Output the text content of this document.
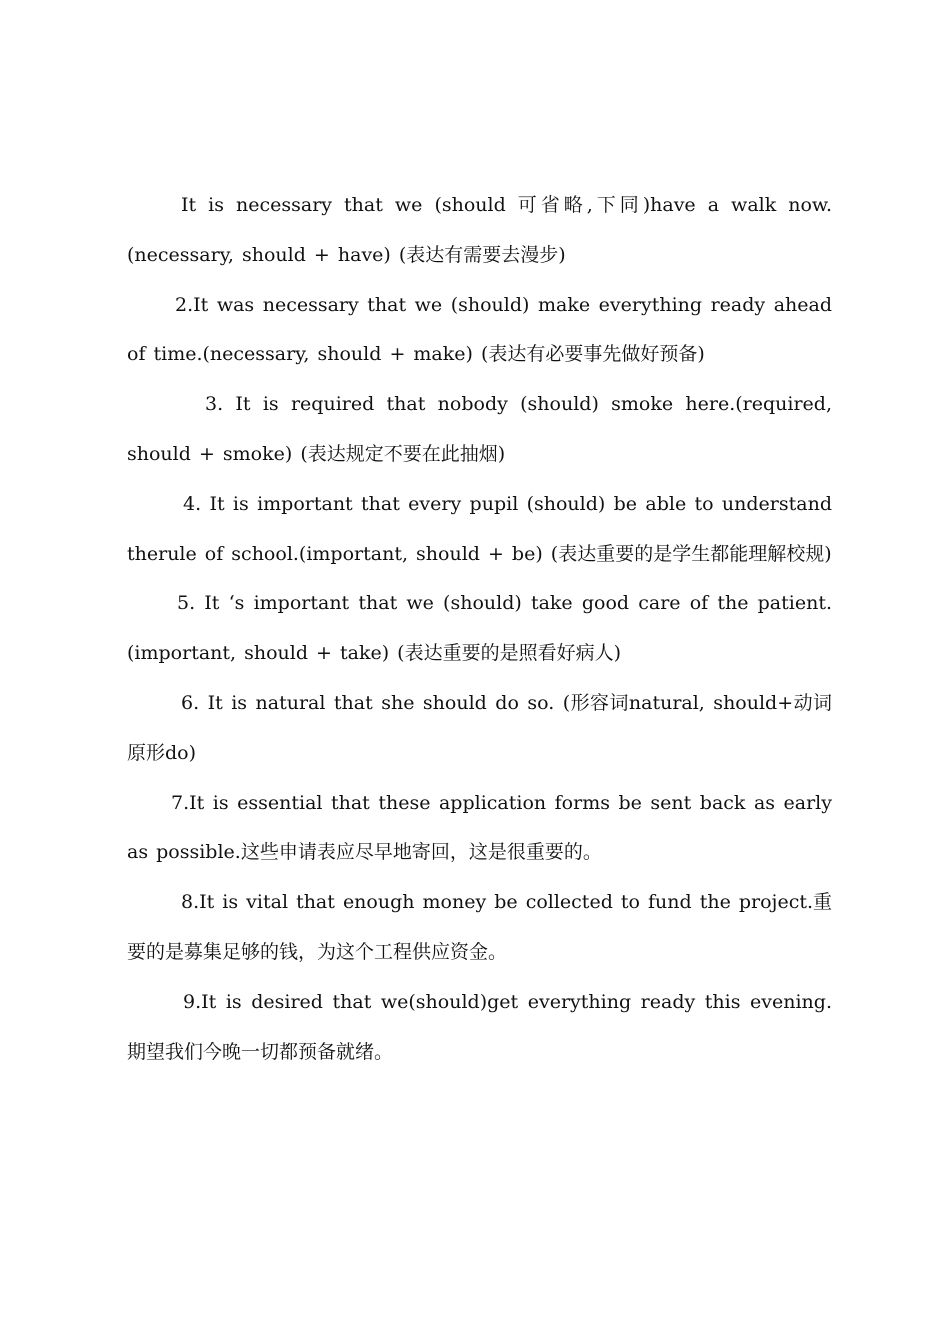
It is necessary that we (should 可省略,下同)have a walk now.(necessary, should + have) (表达有需要去漫步)

2.It was necessary that we (should) make everything ready ahead of time.(necessary, should + make) (表达有必要事先做好预备)

3. It is required that nobody (should) smoke here.(required, should + smoke) (表达规定不要在此抽烟)

4. It is important that every pupil (should) be able to understand therule of school.(important, should + be) (表达重要的是学生都能理解校规)

5. It ‘s important that we (should) take good care of the patient.(important, should + take) (表达重要的是照看好病人)

6. It is natural that she should do so. (形容词natural, should+动词原形do)

7.It is essential that these application forms be sent back as early as possible.这些申请表应尽早地寄回，这是很重要的。

8.It is vital that enough money be collected to fund the project.重要的是募集足够的钱，为这个工程供应资金。

9.It is desired that we(should)get everything ready this evening.期望我们今晚一切都预备就绪。
